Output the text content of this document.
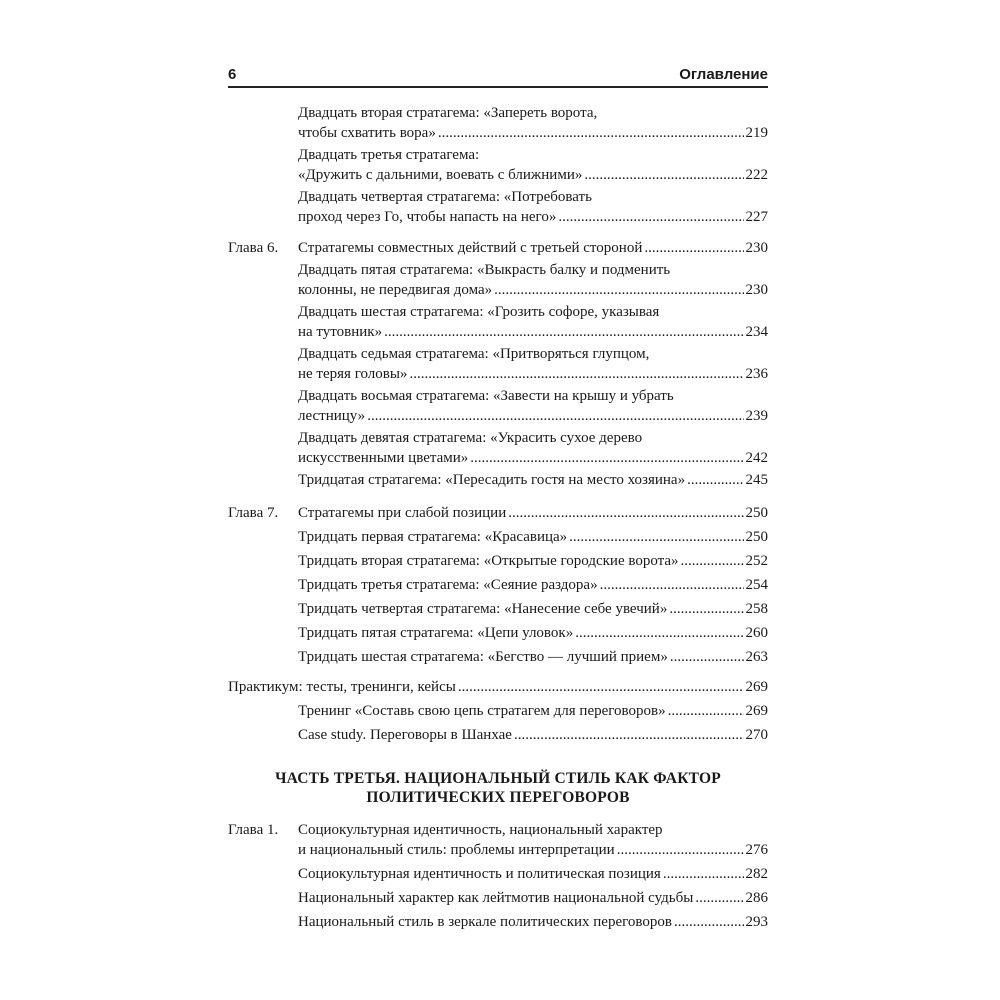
6	Оглавление
Двадцать вторая стратагема: «Запереть ворота,
чтобы схватить вора» .....	219
Двадцать третья стратагема:
«Дружить с дальними, воевать с ближними» .....	222
Двадцать четвертая стратагема: «Потребовать
проход через Го, чтобы напасть на него» .....	227
Глава 6.	Стратагемы совместных действий с третьей стороной .....	230
Двадцать пятая стратагема: «Выкрасть балку и подменить
колонны, не передвигая дома» .....	230
Двадцать шестая стратагема: «Грозить софоре, указывая
на тутовник» .....	234
Двадцать седьмая стратагема: «Притворяться глупцом,
не теряя головы» .....	236
Двадцать восьмая стратагема: «Завести на крышу и убрать
лестницу» .....	239
Двадцать девятая стратагема: «Украсить сухое дерево
искусственными цветами» .....	242
Тридцатая стратагема: «Пересадить гостя на место хозяина» .....	245
Глава 7.	Стратагемы при слабой позиции .....	250
Тридцать первая стратагема: «Красавица» .....	250
Тридцать вторая стратагема: «Открытые городские ворота» .....	252
Тридцать третья стратагема: «Сеяние раздора» .....	254
Тридцать четвертая стратагема: «Нанесение себе увечий» .....	258
Тридцать пятая стратагема: «Цепи уловок» .....	260
Тридцать шестая стратагема: «Бегство — лучший прием» .....	263
Практикум: тесты, тренинги, кейсы .....	269
Тренинг «Составь свою цепь стратагем для переговоров» .....	269
Case study. Переговоры в Шанхае .....	270
ЧАСТЬ ТРЕТЬЯ. НАЦИОНАЛЬНЫЙ СТИЛЬ КАК ФАКТОР
ПОЛИТИЧЕСКИХ ПЕРЕГОВОРОВ
Глава 1. Социокультурная идентичность, национальный характер
и национальный стиль: проблемы интерпретации .....	276
Социокультурная идентичность и политическая позиция .....	282
Национальный характер как лейтмотив национальной судьбы .....	286
Национальный стиль в зеркале политических переговоров .....	293
